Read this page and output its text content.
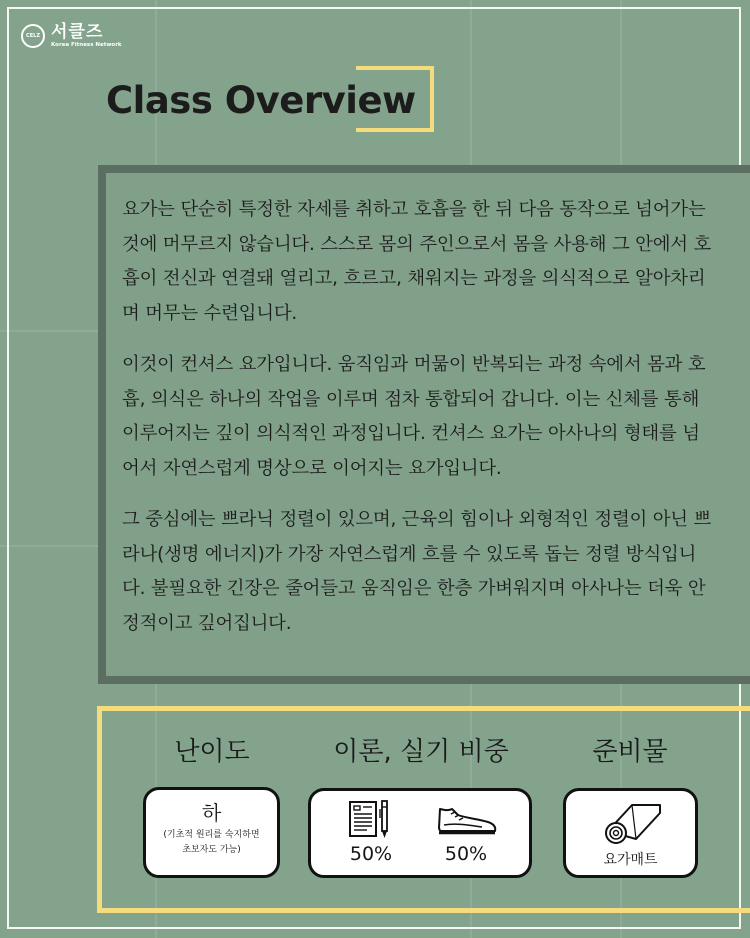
CELZ 서클즈
Korea Fitness Network
Class Overview

요가는 단순히 특정한 자세를 취하고 호흡을 한 뒤 다음 동작으로 넘어가는 것에 머무르지 않습니다. 스스로 몸의 주인으로서 몸을 사용해 그 안에서 호흡이 전신과 연결돼 열리고, 흐르고, 채워지는 과정을 의식적으로 알아차리며 머무는 수련입니다.

이것이 컨셔스 요가입니다. 움직임과 머묾이 반복되는 과정 속에서 몸과 호흡, 의식은 하나의 작업을 이루며 점차 통합되어 갑니다. 이는 신체를 통해 이루어지는 깊이 의식적인 과정입니다. 컨셔스 요가는 아사나의 형태를 넘어서 자연스럽게 명상으로 이어지는 요가입니다.

그 중심에는 쁘라닉 정렬이 있으며, 근육의 힘이나 외형적인 정렬이 아닌 쁘라나(생명 에너지)가 가장 자연스럽게 흐를 수 있도록 돕는 정렬 방식입니다. 불필요한 긴장은 줄어들고 움직임은 한층 가벼워지며 아사나는 더욱 안정적이고 깊어집니다.

난이도	이론, 실기 비중	준비물
하
(기초적 원리를 숙지하면
초보자도 가능)	50%	50%	요가매트
